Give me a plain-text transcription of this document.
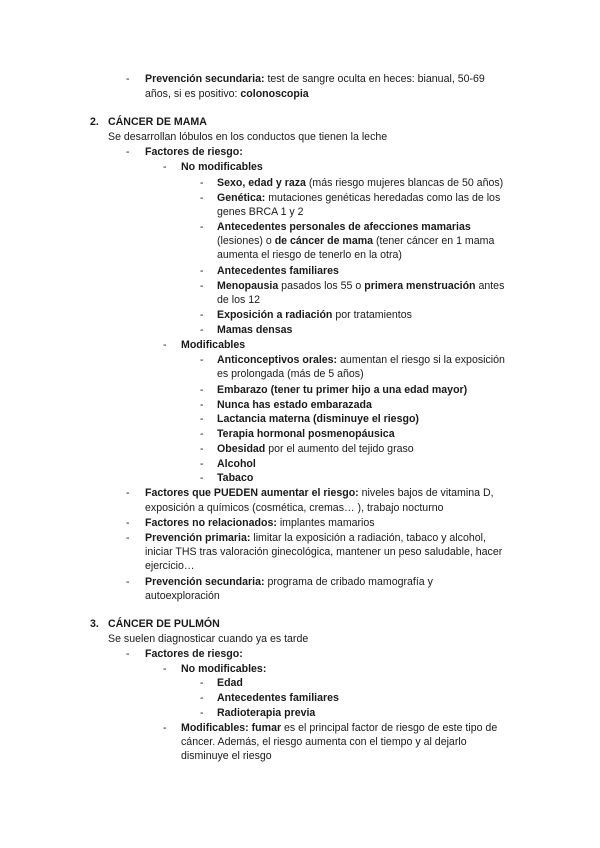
- Prevención secundaria: test de sangre oculta en heces: bianual, 50-69
años, si es positivo: colonoscopia
2. CÁNCER DE MAMA
Se desarrollan lóbulos en los conductos que tienen la leche
- Factores de riesgo:
- No modificables
- Sexo, edad y raza (más riesgo mujeres blancas de 50 años)
- Genética: mutaciones genéticas heredadas como las de los
genes BRCA 1 y 2
- Antecedentes personales de afecciones mamarias
(lesiones) o de cáncer de mama (tener cáncer en 1 mama
aumenta el riesgo de tenerlo en la otra)
- Antecedentes familiares
- Menopausia pasados los 55 o primera menstruación antes
de los 12
- Exposición a radiación por tratamientos
- Mamas densas
- Modificables
- Anticonceptivos orales: aumentan el riesgo si la exposición
es prolongada (más de 5 años)
- Embarazo (tener tu primer hijo a una edad mayor)
- Nunca has estado embarazada
- Lactancia materna (disminuye el riesgo)
- Terapia hormonal posmenopáusica
- Obesidad por el aumento del tejido graso
- Alcohol
- Tabaco
- Factores que PUEDEN aumentar el riesgo: niveles bajos de vitamina D,
exposición a químicos (cosmética, cremas… ), trabajo nocturno
- Factores no relacionados: implantes mamarios
- Prevención primaria: limitar la exposición a radiación, tabaco y alcohol,
iniciar THS tras valoración ginecológica, mantener un peso saludable, hacer
ejercicio…
- Prevención secundaria: programa de cribado mamografía y
autoexploración
3. CÁNCER DE PULMÓN
Se suelen diagnosticar cuando ya es tarde
- Factores de riesgo:
- No modificables:
- Edad
- Antecedentes familiares
- Radioterapia previa
- Modificables: fumar es el principal factor de riesgo de este tipo de
cáncer. Además, el riesgo aumenta con el tiempo y al dejarlo
disminuye el riesgo
